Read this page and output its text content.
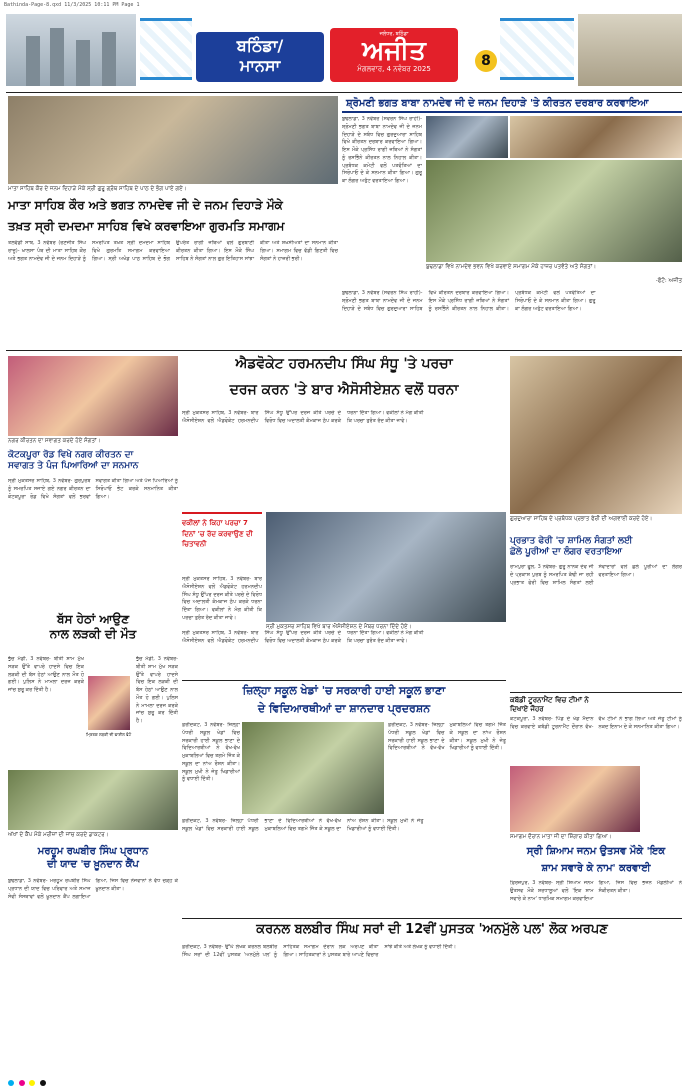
Bathinda-Page-8.qxd 11/3/2025 10:11 PM Page 1
ਬਠਿੰਡਾ/
ਮਾਨਸਾ
ਜਲੰਧਰ, ਬਠਿੰਡਾ
ਅਜੀਤ
ਮੰਗਲਵਾਰ, 4 ਨਵੰਬਰ 2025	8
ਮਾਤਾ ਸਾਹਿਬ ਕੌਰ ਦੇ ਜਨਮ ਦਿਹਾੜੇ ਮੌਕੇ ਸ੍ਰੀ ਗੁਰੂ ਗ੍ਰੰਥ ਸਾਹਿਬ ਦੇ ਪਾਠ ਦੇ ਭੋਗ ਪਾਏ ਗਏ।
ਮਾਤਾ ਸਾਹਿਬ ਕੌਰ ਅਤੇ ਭਗਤ ਨਾਮਦੇਵ ਜੀ ਦੇ ਜਨਮ ਦਿਹਾੜੇ ਮੌਕੇ
ਤਖ਼ਤ ਸ੍ਰੀ ਦਮਦਮਾ ਸਾਹਿਬ ਵਿਖੇ ਕਰਵਾਇਆ ਗੁਰਮਤਿ ਸਮਾਗਮ
ਤਲਵੰਡੀ ਸਾਬੋ, 3 ਨਵੰਬਰ (ਰਣਜੀਤ ਸਿੰਘ ਰਾਜੂ)- ਖ਼ਾਲਸਾ ਪੰਥ ਦੀ ਮਾਤਾ ਸਾਹਿਬ ਕੌਰ ਅਤੇ ਭਗਤ ਨਾਮਦੇਵ ਜੀ ਦੇ ਜਨਮ ਦਿਹਾੜੇ ਨੂੰ ਸਮਰਪਿਤ ਤਖ਼ਤ ਸ੍ਰੀ ਦਮਦਮਾ ਸਾਹਿਬ ਵਿਖੇ ਗੁਰਮਤਿ ਸਮਾਗਮ ਕਰਵਾਇਆ ਗਿਆ। ਸ੍ਰੀ ਅਖੰਡ ਪਾਠ ਸਾਹਿਬ ਦੇ ਭੋਗ ਉਪਰੰਤ ਰਾਗੀ ਜਥਿਆਂ ਵਲੋਂ ਗੁਰਬਾਣੀ ਕੀਰਤਨ ਕੀਤਾ ਗਿਆ। ਇਸ ਮੌਕੇ ਸਿੰਘ ਸਾਹਿਬ ਨੇ ਸੰਗਤਾਂ ਨਾਲ ਗੁਰ ਇਤਿਹਾਸ ਸਾਂਝਾ ਕੀਤਾ ਅਤੇ ਸ਼ਖ਼ਸੀਅਤਾਂ ਦਾ ਸਨਮਾਨ ਕੀਤਾ ਗਿਆ। ਸਮਾਗਮ ਵਿਚ ਵੱਡੀ ਗਿਣਤੀ ਵਿਚ ਸੰਗਤਾਂ ਨੇ ਹਾਜ਼ਰੀ ਭਰੀ।
ਸ਼੍ਰੋਮਣੀ ਭਗਤ ਬਾਬਾ ਨਾਮਦੇਵ ਜੀ ਦੇ ਜਨਮ ਦਿਹਾੜੇ 'ਤੇ ਕੀਰਤਨ ਦਰਬਾਰ ਕਰਵਾਇਆ
ਬੁਢਲਾਡਾ, 3 ਨਵੰਬਰ (ਸਵਰਨ ਸਿੰਘ ਰਾਹੀ)- ਸ਼੍ਰੋਮਣੀ ਭਗਤ ਬਾਬਾ ਨਾਮਦੇਵ ਜੀ ਦੇ ਜਨਮ ਦਿਹਾੜੇ ਦੇ ਸਬੰਧ ਵਿਚ ਗੁਰਦੁਆਰਾ ਸਾਹਿਬ ਵਿਖੇ ਕੀਰਤਨ ਦਰਬਾਰ ਕਰਵਾਇਆ ਗਿਆ। ਇਸ ਮੌਕੇ ਪ੍ਰਸਿੱਧ ਰਾਗੀ ਜਥਿਆਂ ਨੇ ਸੰਗਤਾਂ ਨੂੰ ਰਸਭਿੰਨੇ ਕੀਰਤਨ ਨਾਲ ਨਿਹਾਲ ਕੀਤਾ। ਪ੍ਰਬੰਧਕ ਕਮੇਟੀ ਵਲੋਂ ਪਤਵੰਤਿਆਂ ਦਾ ਸਿਰੋਪਾਓ ਦੇ ਕੇ ਸਨਮਾਨ ਕੀਤਾ ਗਿਆ। ਗੁਰੂ ਕਾ ਲੰਗਰ ਅਤੁੱਟ ਵਰਤਾਇਆ ਗਿਆ।
ਬੁਢਲਾਡਾ ਵਿਖੇ ਨਾਮਦੇਵ ਭਵਨ ਵਿਖੇ ਕਰਵਾਏ ਸਮਾਗਮ ਮੌਕੇ ਹਾਜ਼ਰ ਪਤਵੰਤੇ ਅਤੇ ਸੰਗਤਾਂ।
-ਫੋਟੋ: ਅਜੀਤ
ਬੁਢਲਾਡਾ, 3 ਨਵੰਬਰ (ਸਵਰਨ ਸਿੰਘ ਰਾਹੀ)- ਸ਼੍ਰੋਮਣੀ ਭਗਤ ਬਾਬਾ ਨਾਮਦੇਵ ਜੀ ਦੇ ਜਨਮ ਦਿਹਾੜੇ ਦੇ ਸਬੰਧ ਵਿਚ ਗੁਰਦੁਆਰਾ ਸਾਹਿਬ ਵਿਖੇ ਕੀਰਤਨ ਦਰਬਾਰ ਕਰਵਾਇਆ ਗਿਆ। ਇਸ ਮੌਕੇ ਪ੍ਰਸਿੱਧ ਰਾਗੀ ਜਥਿਆਂ ਨੇ ਸੰਗਤਾਂ ਨੂੰ ਰਸਭਿੰਨੇ ਕੀਰਤਨ ਨਾਲ ਨਿਹਾਲ ਕੀਤਾ। ਪ੍ਰਬੰਧਕ ਕਮੇਟੀ ਵਲੋਂ ਪਤਵੰਤਿਆਂ ਦਾ ਸਿਰੋਪਾਓ ਦੇ ਕੇ ਸਨਮਾਨ ਕੀਤਾ ਗਿਆ। ਗੁਰੂ ਕਾ ਲੰਗਰ ਅਤੁੱਟ ਵਰਤਾਇਆ ਗਿਆ।
ਨਗਰ ਕੀਰਤਨ ਦਾ ਸਵਾਗਤ ਕਰਦੇ ਹੋਏ ਸੰਗਤਾਂ।
ਕੋਟਕਪੂਰਾ ਰੋਡ ਵਿਖੇ ਨਗਰ ਕੀਰਤਨ ਦਾ
ਸਵਾਗਤ ਤੇ ਪੰਜ ਪਿਆਰਿਆਂ ਦਾ ਸਨਮਾਨ
ਸ੍ਰੀ ਮੁਕਤਸਰ ਸਾਹਿਬ, 3 ਨਵੰਬਰ- ਗੁਰਪੁਰਬ ਨੂੰ ਸਮਰਪਿਤ ਸਜਾਏ ਗਏ ਨਗਰ ਕੀਰਤਨ ਦਾ ਕੋਟਕਪੂਰਾ ਰੋਡ ਵਿਖੇ ਸੰਗਤਾਂ ਵਲੋਂ ਭਰਵਾਂ ਸਵਾਗਤ ਕੀਤਾ ਗਿਆ ਅਤੇ ਪੰਜ ਪਿਆਰਿਆਂ ਨੂੰ ਸਿਰੋਪਾਓ ਭੇਟ ਕਰਕੇ ਸਨਮਾਨਿਤ ਕੀਤਾ ਗਿਆ।
ਐਡਵੋਕੇਟ ਹਰਮਨਦੀਪ ਸਿੰਘ ਸੰਧੂ 'ਤੇ ਪਰਚਾ
ਦਰਜ ਕਰਨ 'ਤੇ ਬਾਰ ਐਸੋਸੀਏਸ਼ਨ ਵਲੋਂ ਧਰਨਾ
ਸ੍ਰੀ ਮੁਕਤਸਰ ਸਾਹਿਬ, 3 ਨਵੰਬਰ- ਬਾਰ ਐਸੋਸੀਏਸ਼ਨ ਵਲੋਂ ਐਡਵੋਕੇਟ ਹਰਮਨਦੀਪ ਸਿੰਘ ਸੰਧੂ ਉੱਪਰ ਦਰਜ ਕੀਤੇ ਪਰਚੇ ਦੇ ਵਿਰੋਧ ਵਿਚ ਅਦਾਲਤੀ ਕੰਮਕਾਜ ਠੱਪ ਕਰਕੇ ਧਰਨਾ ਦਿੱਤਾ ਗਿਆ। ਵਕੀਲਾਂ ਨੇ ਮੰਗ ਕੀਤੀ ਕਿ ਪਰਚਾ ਤੁਰੰਤ ਰੱਦ ਕੀਤਾ ਜਾਵੇ।
ਵਕੀਲਾਂ ਨੇ ਕਿਹਾ ਪਰਚਾ 7 ਦਿਨਾਂ 'ਚ ਰੱਦ ਕਰਵਾਉਣ ਦੀ ਚਿਤਾਵਨੀ
ਸ੍ਰੀ ਮੁਕਤਸਰ ਸਾਹਿਬ ਵਿਖੇ ਬਾਰ ਐਸੋਸੀਏਸ਼ਨ ਦੇ ਮੈਂਬਰ ਧਰਨਾ ਦਿੰਦੇ ਹੋਏ।
ਸ੍ਰੀ ਮੁਕਤਸਰ ਸਾਹਿਬ, 3 ਨਵੰਬਰ- ਬਾਰ ਐਸੋਸੀਏਸ਼ਨ ਵਲੋਂ ਐਡਵੋਕੇਟ ਹਰਮਨਦੀਪ ਸਿੰਘ ਸੰਧੂ ਉੱਪਰ ਦਰਜ ਕੀਤੇ ਪਰਚੇ ਦੇ ਵਿਰੋਧ ਵਿਚ ਅਦਾਲਤੀ ਕੰਮਕਾਜ ਠੱਪ ਕਰਕੇ ਧਰਨਾ ਦਿੱਤਾ ਗਿਆ। ਵਕੀਲਾਂ ਨੇ ਮੰਗ ਕੀਤੀ ਕਿ ਪਰਚਾ ਤੁਰੰਤ ਰੱਦ ਕੀਤਾ ਜਾਵੇ।
ਗੁਰਦੁਆਰਾ ਸਾਹਿਬ ਦੇ ਪ੍ਰਬੰਧਕ ਪ੍ਰਭਾਤ ਫੇਰੀ ਦੀ ਅਗਵਾਈ ਕਰਦੇ ਹੋਏ।
ਪ੍ਰਭਾਤ ਫੇਰੀ 'ਚ ਸ਼ਾਮਿਲ ਸੰਗਤਾਂ ਲਈ
ਛੋਲੇ ਪੂਰੀਆਂ ਦਾ ਲੰਗਰ ਵਰਤਾਇਆ
ਰਾਮਪੁਰਾ ਫੂਲ, 3 ਨਵੰਬਰ- ਗੁਰੂ ਨਾਨਕ ਦੇਵ ਜੀ ਦੇ ਪ੍ਰਕਾਸ਼ ਪੁਰਬ ਨੂੰ ਸਮਰਪਿਤ ਕੱਢੀ ਜਾ ਰਹੀ ਪ੍ਰਭਾਤ ਫੇਰੀ ਵਿਚ ਸ਼ਾਮਿਲ ਸੰਗਤਾਂ ਲਈ ਸੇਵਾਦਾਰਾਂ ਵਲੋਂ ਛੋਲੇ ਪੂਰੀਆਂ ਦਾ ਲੰਗਰ ਵਰਤਾਇਆ ਗਿਆ।
ਬੱਸ ਹੇਠਾਂ ਆਉਣ
ਨਾਲ ਲੜਕੀ ਦੀ ਮੌਤ
ਭੁੱਚੋ ਮੰਡੀ, 3 ਨਵੰਬਰ- ਬੀਤੀ ਸ਼ਾਮ ਮੁੱਖ ਸੜਕ ਉੱਤੇ ਵਾਪਰੇ ਹਾਦਸੇ ਵਿਚ ਇਕ ਲੜਕੀ ਦੀ ਬੱਸ ਹੇਠਾਂ ਆਉਣ ਨਾਲ ਮੌਤ ਹੋ ਗਈ। ਪੁਲਿਸ ਨੇ ਮਾਮਲਾ ਦਰਜ ਕਰਕੇ ਜਾਂਚ ਸ਼ੁਰੂ ਕਰ ਦਿੱਤੀ ਹੈ।
ਮ੍ਰਿਤਕ ਲੜਕੀ ਦੀ ਫਾਈਲ ਫੋਟੋ
ਭੁੱਚੋ ਮੰਡੀ, 3 ਨਵੰਬਰ- ਬੀਤੀ ਸ਼ਾਮ ਮੁੱਖ ਸੜਕ ਉੱਤੇ ਵਾਪਰੇ ਹਾਦਸੇ ਵਿਚ ਇਕ ਲੜਕੀ ਦੀ ਬੱਸ ਹੇਠਾਂ ਆਉਣ ਨਾਲ ਮੌਤ ਹੋ ਗਈ। ਪੁਲਿਸ ਨੇ ਮਾਮਲਾ ਦਰਜ ਕਰਕੇ ਜਾਂਚ ਸ਼ੁਰੂ ਕਰ ਦਿੱਤੀ ਹੈ।
ਅੱਖਾਂ ਦੇ ਕੈਂਪ ਮੌਕੇ ਮਰੀਜ਼ਾਂ ਦੀ ਜਾਂਚ ਕਰਦੇ ਡਾਕਟਰ।
ਮਰਹੂਮ ਰਘਬੀਰ ਸਿੰਘ ਪ੍ਰਧਾਨ
ਦੀ ਯਾਦ 'ਚ ਖ਼ੂਨਦਾਨ ਕੈਂਪ
ਬੁਢਲਾਡਾ, 3 ਨਵੰਬਰ- ਮਰਹੂਮ ਰਘਬੀਰ ਸਿੰਘ ਪ੍ਰਧਾਨ ਦੀ ਯਾਦ ਵਿਚ ਪਰਿਵਾਰ ਅਤੇ ਸਮਾਜ ਸੇਵੀ ਸੰਸਥਾਵਾਂ ਵਲੋਂ ਖ਼ੂਨਦਾਨ ਕੈਂਪ ਲਗਾਇਆ ਗਿਆ, ਜਿਸ ਵਿਚ ਨੌਜਵਾਨਾਂ ਨੇ ਵੱਧ ਚੜ੍ਹ ਕੇ ਖ਼ੂਨਦਾਨ ਕੀਤਾ।
ਸ੍ਰੀ ਮੁਕਤਸਰ ਸਾਹਿਬ, 3 ਨਵੰਬਰ- ਬਾਰ ਐਸੋਸੀਏਸ਼ਨ ਵਲੋਂ ਐਡਵੋਕੇਟ ਹਰਮਨਦੀਪ ਸਿੰਘ ਸੰਧੂ ਉੱਪਰ ਦਰਜ ਕੀਤੇ ਪਰਚੇ ਦੇ ਵਿਰੋਧ ਵਿਚ ਅਦਾਲਤੀ ਕੰਮਕਾਜ ਠੱਪ ਕਰਕੇ ਧਰਨਾ ਦਿੱਤਾ ਗਿਆ। ਵਕੀਲਾਂ ਨੇ ਮੰਗ ਕੀਤੀ ਕਿ ਪਰਚਾ ਤੁਰੰਤ ਰੱਦ ਕੀਤਾ ਜਾਵੇ।
ਜ਼ਿਲ੍ਹਾ ਸਕੂਲ ਖੇਡਾਂ 'ਚ ਸਰਕਾਰੀ ਹਾਈ ਸਕੂਲ ਭਾਣਾ
ਦੇ ਵਿਦਿਆਰਥੀਆਂ ਦਾ ਸ਼ਾਨਦਾਰ ਪ੍ਰਦਰਸ਼ਨ
ਫ਼ਰੀਦਕੋਟ, 3 ਨਵੰਬਰ- ਜ਼ਿਲ੍ਹਾ ਪੱਧਰੀ ਸਕੂਲ ਖੇਡਾਂ ਵਿਚ ਸਰਕਾਰੀ ਹਾਈ ਸਕੂਲ ਭਾਣਾ ਦੇ ਵਿਦਿਆਰਥੀਆਂ ਨੇ ਵੱਖ-ਵੱਖ ਮੁਕਾਬਲਿਆਂ ਵਿਚ ਤਗਮੇ ਜਿੱਤ ਕੇ ਸਕੂਲ ਦਾ ਨਾਂਅ ਰੌਸ਼ਨ ਕੀਤਾ। ਸਕੂਲ ਮੁਖੀ ਨੇ ਜੇਤੂ ਖਿਡਾਰੀਆਂ ਨੂੰ ਵਧਾਈ ਦਿੱਤੀ।
ਫ਼ਰੀਦਕੋਟ, 3 ਨਵੰਬਰ- ਜ਼ਿਲ੍ਹਾ ਪੱਧਰੀ ਸਕੂਲ ਖੇਡਾਂ ਵਿਚ ਸਰਕਾਰੀ ਹਾਈ ਸਕੂਲ ਭਾਣਾ ਦੇ ਵਿਦਿਆਰਥੀਆਂ ਨੇ ਵੱਖ-ਵੱਖ ਮੁਕਾਬਲਿਆਂ ਵਿਚ ਤਗਮੇ ਜਿੱਤ ਕੇ ਸਕੂਲ ਦਾ ਨਾਂਅ ਰੌਸ਼ਨ ਕੀਤਾ। ਸਕੂਲ ਮੁਖੀ ਨੇ ਜੇਤੂ ਖਿਡਾਰੀਆਂ ਨੂੰ ਵਧਾਈ ਦਿੱਤੀ।
ਫ਼ਰੀਦਕੋਟ, 3 ਨਵੰਬਰ- ਜ਼ਿਲ੍ਹਾ ਪੱਧਰੀ ਸਕੂਲ ਖੇਡਾਂ ਵਿਚ ਸਰਕਾਰੀ ਹਾਈ ਸਕੂਲ ਭਾਣਾ ਦੇ ਵਿਦਿਆਰਥੀਆਂ ਨੇ ਵੱਖ-ਵੱਖ ਮੁਕਾਬਲਿਆਂ ਵਿਚ ਤਗਮੇ ਜਿੱਤ ਕੇ ਸਕੂਲ ਦਾ ਨਾਂਅ ਰੌਸ਼ਨ ਕੀਤਾ। ਸਕੂਲ ਮੁਖੀ ਨੇ ਜੇਤੂ ਖਿਡਾਰੀਆਂ ਨੂੰ ਵਧਾਈ ਦਿੱਤੀ।
ਕਬੱਡੀ ਟੂਰਨਾਮੈਂਟ ਵਿਚ ਟੀਮਾਂ ਨੇ
ਦਿਖਾਏ ਜੌਹਰ
ਕੋਟਕਪੂਰਾ, 3 ਨਵੰਬਰ- ਪਿੰਡ ਦੇ ਖੇਡ ਮੈਦਾਨ ਵਿਚ ਕਰਵਾਏ ਕਬੱਡੀ ਟੂਰਨਾਮੈਂਟ ਦੌਰਾਨ ਵੱਖ-ਵੱਖ ਟੀਮਾਂ ਨੇ ਭਾਗ ਲਿਆ ਅਤੇ ਜੇਤੂ ਟੀਮਾਂ ਨੂੰ ਨਕਦ ਇਨਾਮ ਦੇ ਕੇ ਸਨਮਾਨਿਤ ਕੀਤਾ ਗਿਆ।
ਸਮਾਗਮ ਦੌਰਾਨ ਮਾਤਾ ਜੀ ਦਾ ਸ਼ਿੰਗਾਰ ਕੀਤਾ ਗਿਆ।
ਸ੍ਰੀ ਸ਼ਿਆਮ ਜਨਮ ਉਤਸਵ ਮੌਕੇ 'ਇਕ
ਸ਼ਾਮ ਸਵਾਰੇ ਕੇ ਨਾਮ' ਕਰਵਾਈ
ਫ਼ਿਰੋਜ਼ਪੁਰ, 3 ਨਵੰਬਰ- ਸ੍ਰੀ ਸ਼ਿਆਮ ਜਨਮ ਉਤਸਵ ਮੌਕੇ ਸ਼ਰਧਾਲੂਆਂ ਵਲੋਂ 'ਇਕ ਸ਼ਾਮ ਸਵਾਰੇ ਕੇ ਨਾਮ' ਧਾਰਮਿਕ ਸਮਾਗਮ ਕਰਵਾਇਆ ਗਿਆ, ਜਿਸ ਵਿਚ ਭਜਨ ਮੰਡਲੀਆਂ ਨੇ ਸੰਕੀਰਤਨ ਕੀਤਾ।
ਕਰਨਲ ਬਲਬੀਰ ਸਿੰਘ ਸਰਾਂ ਦੀ 12ਵੀਂ ਪੁਸਤਕ 'ਅਨਮੁੱਲੇ ਪਲ' ਲੋਕ ਅਰਪਣ
ਫ਼ਰੀਦਕੋਟ, 3 ਨਵੰਬਰ- ਉੱਘੇ ਲੇਖਕ ਕਰਨਲ ਬਲਬੀਰ ਸਿੰਘ ਸਰਾਂ ਦੀ 12ਵੀਂ ਪੁਸਤਕ 'ਅਨਮੁੱਲੇ ਪਲ' ਨੂੰ ਸਾਹਿਤਕ ਸਮਾਗਮ ਦੌਰਾਨ ਲੋਕ ਅਰਪਣ ਕੀਤਾ ਗਿਆ। ਸਾਹਿਤਕਾਰਾਂ ਨੇ ਪੁਸਤਕ ਬਾਰੇ ਆਪਣੇ ਵਿਚਾਰ ਸਾਂਝੇ ਕੀਤੇ ਅਤੇ ਲੇਖਕ ਨੂੰ ਵਧਾਈ ਦਿੱਤੀ।
